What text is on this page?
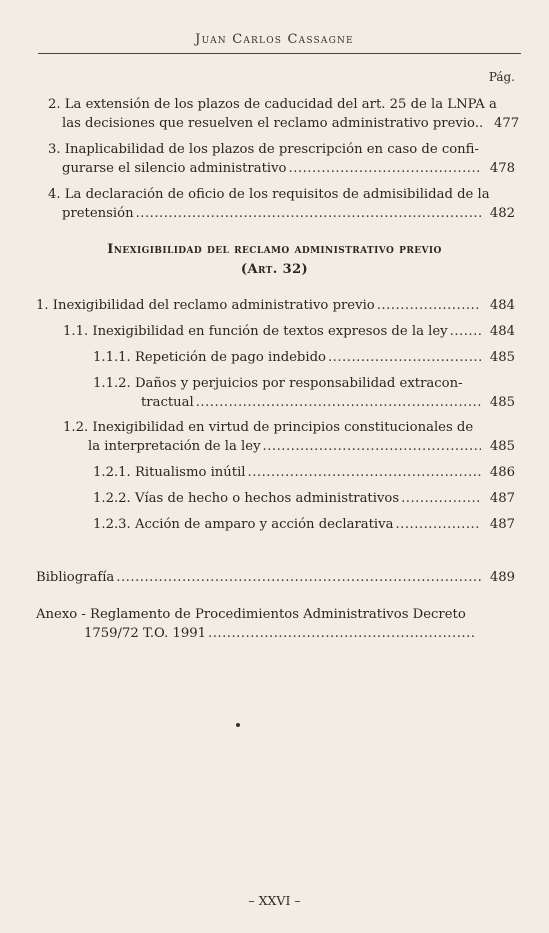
Juan Carlos Cassagne
Pág.
2. La extensión de los plazos de caducidad del art. 25 de la LNPA a
las decisiones que resuelven el reclamo administrativo previo.. 477
3. Inaplicabilidad de los plazos de prescripción en caso de confi-
gurarse el silencio administrativo .....	478
4. La declaración de oficio de los requisitos de admisibilidad de la
pretensión .....	482
Inexigibilidad del reclamo administrativo previo
(Art. 32)
1. Inexigibilidad del reclamo administrativo previo .....	484
1.1. Inexigibilidad en función de textos expresos de la ley .....	484
1.1.1. Repetición de pago indebido .....	485
1.1.2. Daños y perjuicios por responsabilidad extracon-
tractual .....	485
1.2. Inexigibilidad en virtud de principios constitucionales de
la interpretación de la ley .....	485
1.2.1. Ritualismo inútil .....	486
1.2.2. Vías de hecho o hechos administrativos .....	487
1.2.3. Acción de amparo y acción declarativa .....	487
Bibliografía .....	489
Anexo - Reglamento de Procedimientos Administrativos Decreto
1759/72 T.O. 1991
.....
– XXVI –
